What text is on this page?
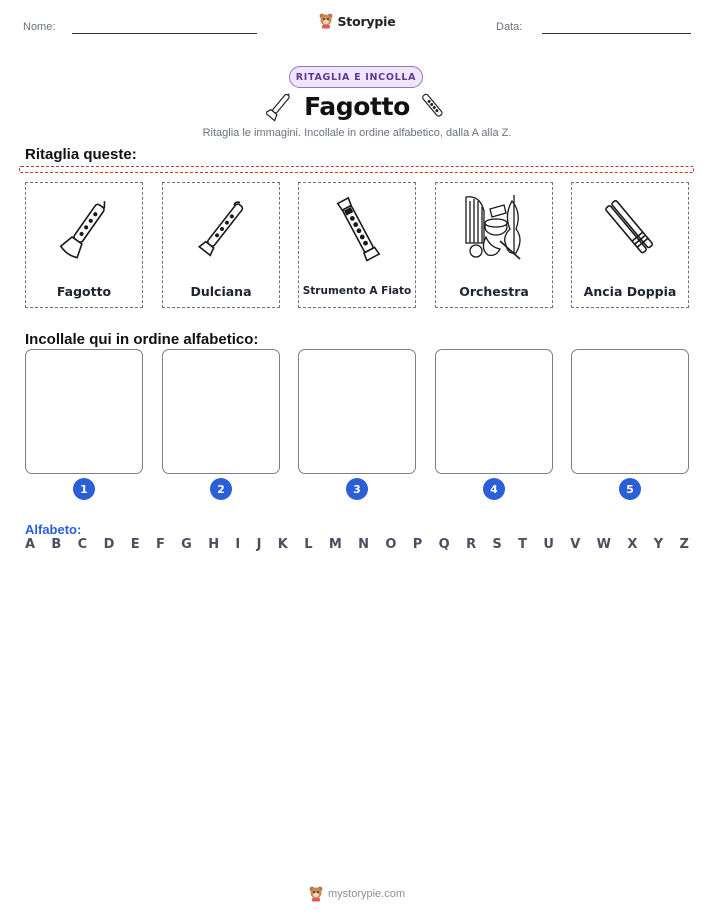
Nome:	Storypie	Data:
RITAGLIA E INCOLLA
Fagotto
Ritaglia le immagini. Incollale in ordine alfabetico, dalla A alla Z.
Ritaglia queste:
Fagotto	Dulciana	Strumento A Fiato	Orchestra	Ancia Doppia
Incollale qui in ordine alfabetico:
1	2	3	4	5
Alfabeto:
A B C D E F G H I J K L M N O P Q R S T U V W X Y Z
mystorypie.com
